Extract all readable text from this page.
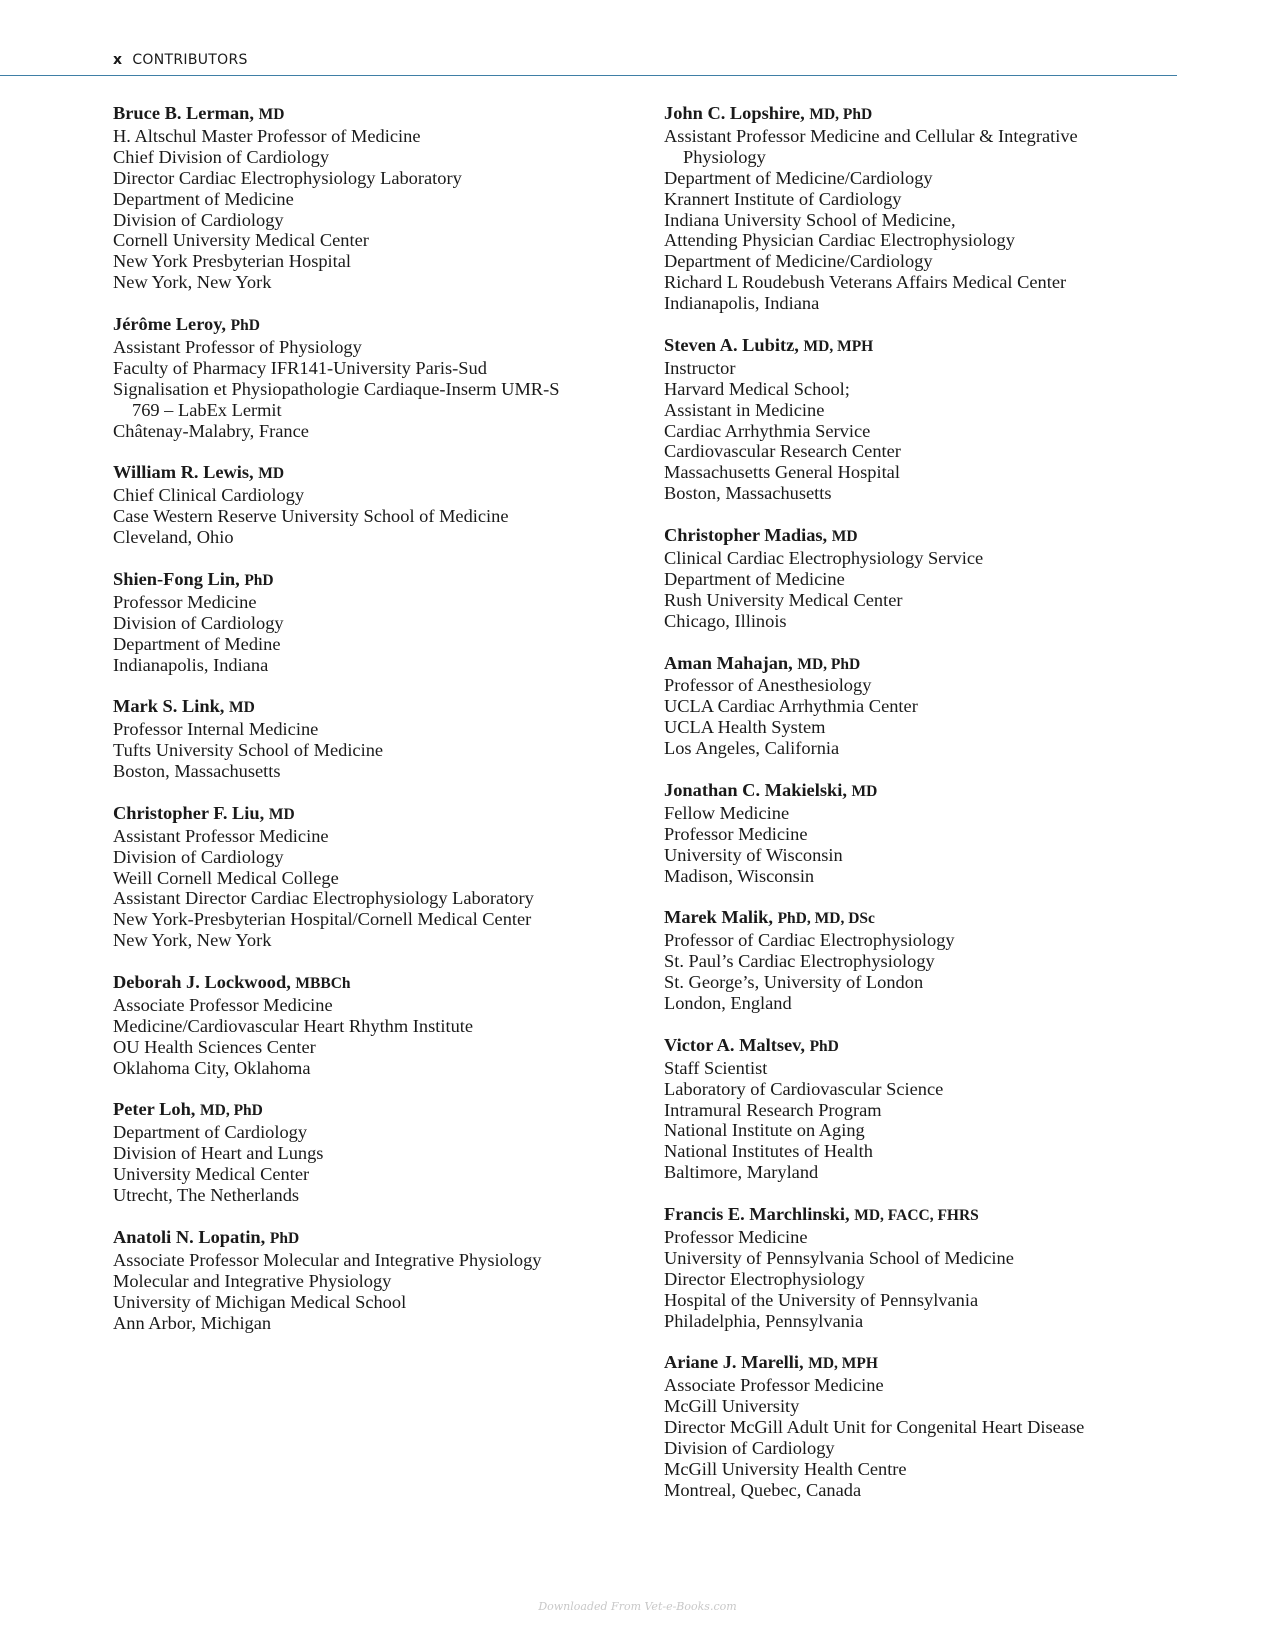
x CONTRIBUTORS
Bruce B. Lerman, MD
H. Altschul Master Professor of Medicine
Chief Division of Cardiology
Director Cardiac Electrophysiology Laboratory
Department of Medicine
Division of Cardiology
Cornell University Medical Center
New York Presbyterian Hospital
New York, New York
Jérôme Leroy, PhD
Assistant Professor of Physiology
Faculty of Pharmacy IFR141-University Paris-Sud
Signalisation et Physiopathologie Cardiaque-Inserm UMR-S
769 – LabEx Lermit
Châtenay-Malabry, France
William R. Lewis, MD
Chief Clinical Cardiology
Case Western Reserve University School of Medicine
Cleveland, Ohio
Shien-Fong Lin, PhD
Professor Medicine
Division of Cardiology
Department of Medine
Indianapolis, Indiana
Mark S. Link, MD
Professor Internal Medicine
Tufts University School of Medicine
Boston, Massachusetts
Christopher F. Liu, MD
Assistant Professor Medicine
Division of Cardiology
Weill Cornell Medical College
Assistant Director Cardiac Electrophysiology Laboratory
New York-Presbyterian Hospital/Cornell Medical Center
New York, New York
Deborah J. Lockwood, MBBCh
Associate Professor Medicine
Medicine/Cardiovascular Heart Rhythm Institute
OU Health Sciences Center
Oklahoma City, Oklahoma
Peter Loh, MD, PhD
Department of Cardiology
Division of Heart and Lungs
University Medical Center
Utrecht, The Netherlands
Anatoli N. Lopatin, PhD
Associate Professor Molecular and Integrative Physiology
Molecular and Integrative Physiology
University of Michigan Medical School
Ann Arbor, Michigan
John C. Lopshire, MD, PhD
Assistant Professor Medicine and Cellular & Integrative
Physiology
Department of Medicine/Cardiology
Krannert Institute of Cardiology
Indiana University School of Medicine,
Attending Physician Cardiac Electrophysiology
Department of Medicine/Cardiology
Richard L Roudebush Veterans Affairs Medical Center
Indianapolis, Indiana
Steven A. Lubitz, MD, MPH
Instructor
Harvard Medical School;
Assistant in Medicine
Cardiac Arrhythmia Service
Cardiovascular Research Center
Massachusetts General Hospital
Boston, Massachusetts
Christopher Madias, MD
Clinical Cardiac Electrophysiology Service
Department of Medicine
Rush University Medical Center
Chicago, Illinois
Aman Mahajan, MD, PhD
Professor of Anesthesiology
UCLA Cardiac Arrhythmia Center
UCLA Health System
Los Angeles, California
Jonathan C. Makielski, MD
Fellow Medicine
Professor Medicine
University of Wisconsin
Madison, Wisconsin
Marek Malik, PhD, MD, DSc
Professor of Cardiac Electrophysiology
St. Paul’s Cardiac Electrophysiology
St. George’s, University of London
London, England
Victor A. Maltsev, PhD
Staff Scientist
Laboratory of Cardiovascular Science
Intramural Research Program
National Institute on Aging
National Institutes of Health
Baltimore, Maryland
Francis E. Marchlinski, MD, FACC, FHRS
Professor Medicine
University of Pennsylvania School of Medicine
Director Electrophysiology
Hospital of the University of Pennsylvania
Philadelphia, Pennsylvania
Ariane J. Marelli, MD, MPH
Associate Professor Medicine
McGill University
Director McGill Adult Unit for Congenital Heart Disease
Division of Cardiology
McGill University Health Centre
Montreal, Quebec, Canada
Downloaded From Vet-e-Books.com
